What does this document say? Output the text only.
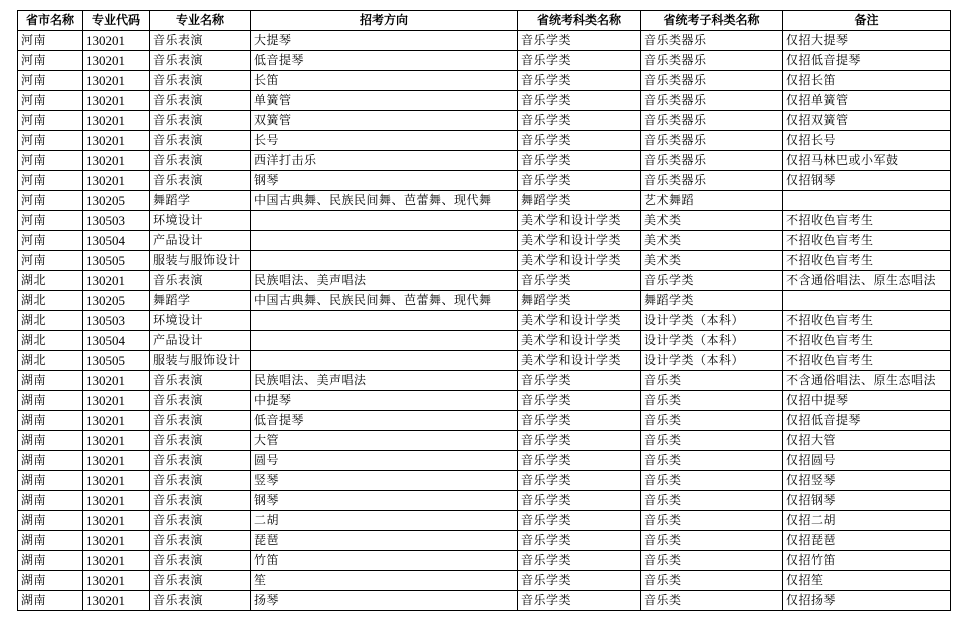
省市名称	专业代码	专业名称	招考方向	省统考科类名称	省统考子科类名称	备注
河南	130201	音乐表演	大提琴	音乐学类	音乐类器乐	仅招大提琴
河南	130201	音乐表演	低音提琴	音乐学类	音乐类器乐	仅招低音提琴
河南	130201	音乐表演	长笛	音乐学类	音乐类器乐	仅招长笛
河南	130201	音乐表演	单簧管	音乐学类	音乐类器乐	仅招单簧管
河南	130201	音乐表演	双簧管	音乐学类	音乐类器乐	仅招双簧管
河南	130201	音乐表演	长号	音乐学类	音乐类器乐	仅招长号
河南	130201	音乐表演	西洋打击乐	音乐学类	音乐类器乐	仅招马林巴或小军鼓
河南	130201	音乐表演	钢琴	音乐学类	音乐类器乐	仅招钢琴
河南	130205	舞蹈学	中国古典舞、民族民间舞、芭蕾舞、现代舞	舞蹈学类	艺术舞蹈	
河南	130503	环境设计		美术学和设计学类	美术类	不招收色盲考生
河南	130504	产品设计		美术学和设计学类	美术类	不招收色盲考生
河南	130505	服装与服饰设计		美术学和设计学类	美术类	不招收色盲考生
湖北	130201	音乐表演	民族唱法、美声唱法	音乐学类	音乐学类	不含通俗唱法、原生态唱法
湖北	130205	舞蹈学	中国古典舞、民族民间舞、芭蕾舞、现代舞	舞蹈学类	舞蹈学类	
湖北	130503	环境设计		美术学和设计学类	设计学类（本科）	不招收色盲考生
湖北	130504	产品设计		美术学和设计学类	设计学类（本科）	不招收色盲考生
湖北	130505	服装与服饰设计		美术学和设计学类	设计学类（本科）	不招收色盲考生
湖南	130201	音乐表演	民族唱法、美声唱法	音乐学类	音乐类	不含通俗唱法、原生态唱法
湖南	130201	音乐表演	中提琴	音乐学类	音乐类	仅招中提琴
湖南	130201	音乐表演	低音提琴	音乐学类	音乐类	仅招低音提琴
湖南	130201	音乐表演	大管	音乐学类	音乐类	仅招大管
湖南	130201	音乐表演	圆号	音乐学类	音乐类	仅招圆号
湖南	130201	音乐表演	竖琴	音乐学类	音乐类	仅招竖琴
湖南	130201	音乐表演	钢琴	音乐学类	音乐类	仅招钢琴
湖南	130201	音乐表演	二胡	音乐学类	音乐类	仅招二胡
湖南	130201	音乐表演	琵琶	音乐学类	音乐类	仅招琵琶
湖南	130201	音乐表演	竹笛	音乐学类	音乐类	仅招竹笛
湖南	130201	音乐表演	笙	音乐学类	音乐类	仅招笙
湖南	130201	音乐表演	扬琴	音乐学类	音乐类	仅招扬琴
